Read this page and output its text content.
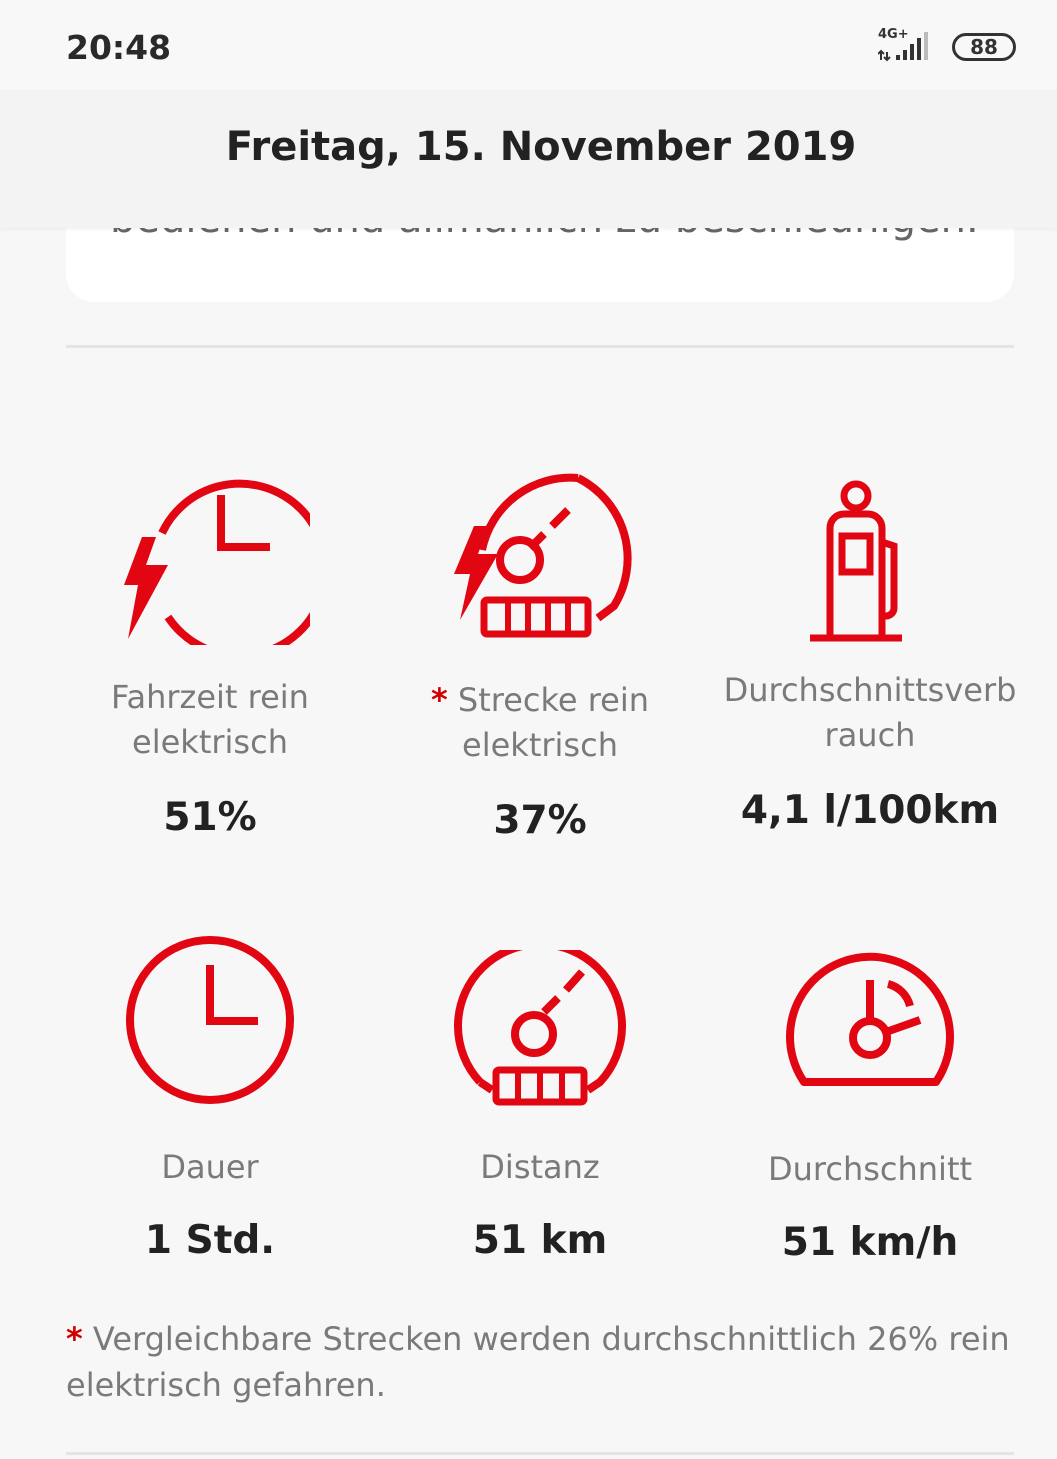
20:48	4G+
88
Freitag, 15. November 2019
Fahrzeit rein
elektrisch
51%
* Strecke rein
elektrisch
37%
Durchschnittsverb
rauch
4,1 l/100km
Dauer
1 Std.
Distanz
51 km
Durchschnitt
51 km/h
* Vergleichbare Strecken werden durchschnittlich 26% rein elektrisch gefahren.
